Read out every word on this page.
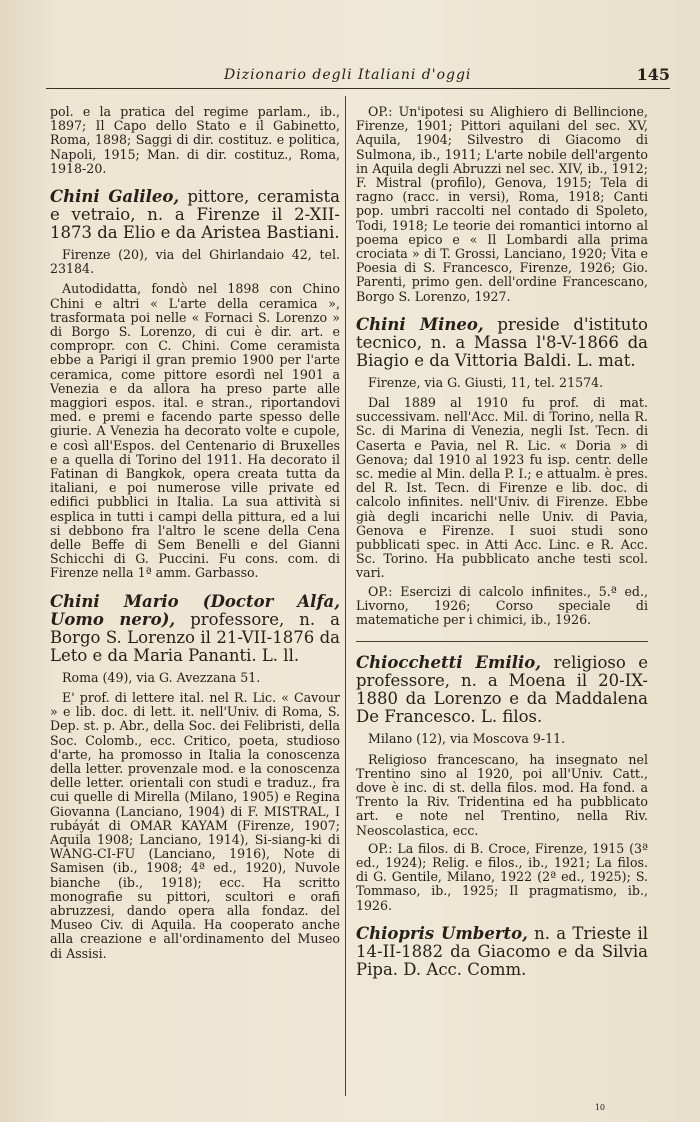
Dizionario degli Italiani d'oggi	145

pol. e la pratica del regime parlam., ib., 1897; Il Capo dello Stato e il Gabinetto, Roma, 1898; Saggi di dir. costituz. e politica, Napoli, 1915; Man. di dir. costituz., Roma, 1918-20.

Chini Galileo, pittore, ceramista e vetraio, n. a Firenze il 2-XII-1873 da Elio e da Aristea Bastiani.

Firenze (20), via del Ghirlandaio 42, tel. 23184.

Autodidatta, fondò nel 1898 con Chino Chini e altri « L'arte della ceramica », trasformata poi nelle « Fornaci S. Lorenzo » di Borgo S. Lorenzo, di cui è dir. art. e compropr. con C. Chini. Come ceramista ebbe a Parigi il gran premio 1900 per l'arte ceramica, come pittore esordì nel 1901 a Venezia e da allora ha preso parte alle maggiori espos. ital. e stran., riportandovi med. e premi e facendo parte spesso delle giurie. A Venezia ha decorato volte e cupole, e così all'Espos. del Centenario di Bruxelles e a quella di Torino del 1911. Ha decorato il Fatinan di Bangkok, opera creata tutta da italiani, e poi numerose ville private ed edifici pubblici in Italia. La sua attività si esplica in tutti i campi della pittura, ed a lui si debbono fra l'altro le scene della Cena delle Beffe di Sem Benelli e del Gianni Schicchi di G. Puccini. Fu cons. com. di Firenze nella 1ª amm. Garbasso.

Chini Mario (Doctor Alfa, Uomo nero), professore, n. a Borgo S. Lorenzo il 21-VII-1876 da Leto e da Maria Pananti. L. ll.

Roma (49), via G. Avezzana 51.

E' prof. di lettere ital. nel R. Lic. « Cavour » e lib. doc. di lett. it. nell'Univ. di Roma, S. Dep. st. p. Abr., della Soc. dei Felibristi, della Soc. Colomb., ecc. Critico, poeta, studioso d'arte, ha promosso in Italia la conoscenza della letter. provenzale mod. e la conoscenza delle letter. orientali con studi e traduz., fra cui quelle di Mirella (Milano, 1905) e Regina Giovanna (Lanciano, 1904) di F. MISTRAL, I rubáyát di OMAR KAYAM (Firenze, 1907; Aquila 1908; Lanciano, 1914), Si-siang-ki di WANG-CI-FU (Lanciano, 1916), Note di Samisen (ib., 1908; 4ª ed., 1920), Nuvole bianche (ib., 1918); ecc. Ha scritto monografie su pittori, scultori e orafi abruzzesi, dando opera alla fondaz. del Museo Civ. di Aquila. Ha cooperato anche alla creazione e all'ordinamento del Museo di Assisi.

OP.: Un'ipotesi su Alighiero di Bellincione, Firenze, 1901; Pittori aquilani del sec. XV, Aquila, 1904; Silvestro di Giacomo di Sulmona, ib., 1911; L'arte nobile dell'argento in Aquila degli Abruzzi nel sec. XIV, ib., 1912; F. Mistral (profilo), Genova, 1915; Tela di ragno (racc. in versi), Roma, 1918; Canti pop. umbri raccolti nel contado di Spoleto, Todi, 1918; Le teorie dei romantici intorno al poema epico e « Il Lombardi alla prima crociata » di T. Grossi, Lanciano, 1920; Vita e Poesia di S. Francesco, Firenze, 1926; Gio. Parenti, primo gen. dell'ordine Francescano, Borgo S. Lorenzo, 1927.

Chini Mineo, preside d'istituto tecnico, n. a Massa l'8-V-1866 da Biagio e da Vittoria Baldi. L. mat.

Firenze, via G. Giusti, 11, tel. 21574.

Dal 1889 al 1910 fu prof. di mat. successivam. nell'Acc. Mil. di Torino, nella R. Sc. di Marina di Venezia, negli Ist. Tecn. di Caserta e Pavia, nel R. Lic. « Doria » di Genova; dal 1910 al 1923 fu isp. centr. delle sc. medie al Min. della P. I.; e attualm. è pres. del R. Ist. Tecn. di Firenze e lib. doc. di calcolo infinites. nell'Univ. di Firenze. Ebbe già degli incarichi nelle Univ. di Pavia, Genova e Firenze. I suoi studi sono pubblicati spec. in Atti Acc. Linc. e R. Acc. Sc. Torino. Ha pubblicato anche testi scol. vari.

OP.: Esercizi di calcolo infinites., 5.ª ed., Livorno, 1926; Corso speciale di matematiche per i chimici, ib., 1926.

Chiocchetti Emilio, religioso e professore, n. a Moena il 20-IX-1880 da Lorenzo e da Maddalena De Francesco. L. filos.

Milano (12), via Moscova 9-11.

Religioso francescano, ha insegnato nel Trentino sino al 1920, poi all'Univ. Catt., dove è inc. di st. della filos. mod. Ha fond. a Trento la Riv. Tridentina ed ha pubblicato art. e note nel Trentino, nella Riv. Neoscolastica, ecc.

OP.: La filos. di B. Croce, Firenze, 1915 (3ª ed., 1924); Relig. e filos., ib., 1921; La filos. di G. Gentile, Milano, 1922 (2ª ed., 1925); S. Tommaso, ib., 1925; Il pragmatismo, ib., 1926.

Chiopris Umberto, n. a Trieste il 14-II-1882 da Giacomo e da Silvia Pipa. D. Acc. Comm.
10
